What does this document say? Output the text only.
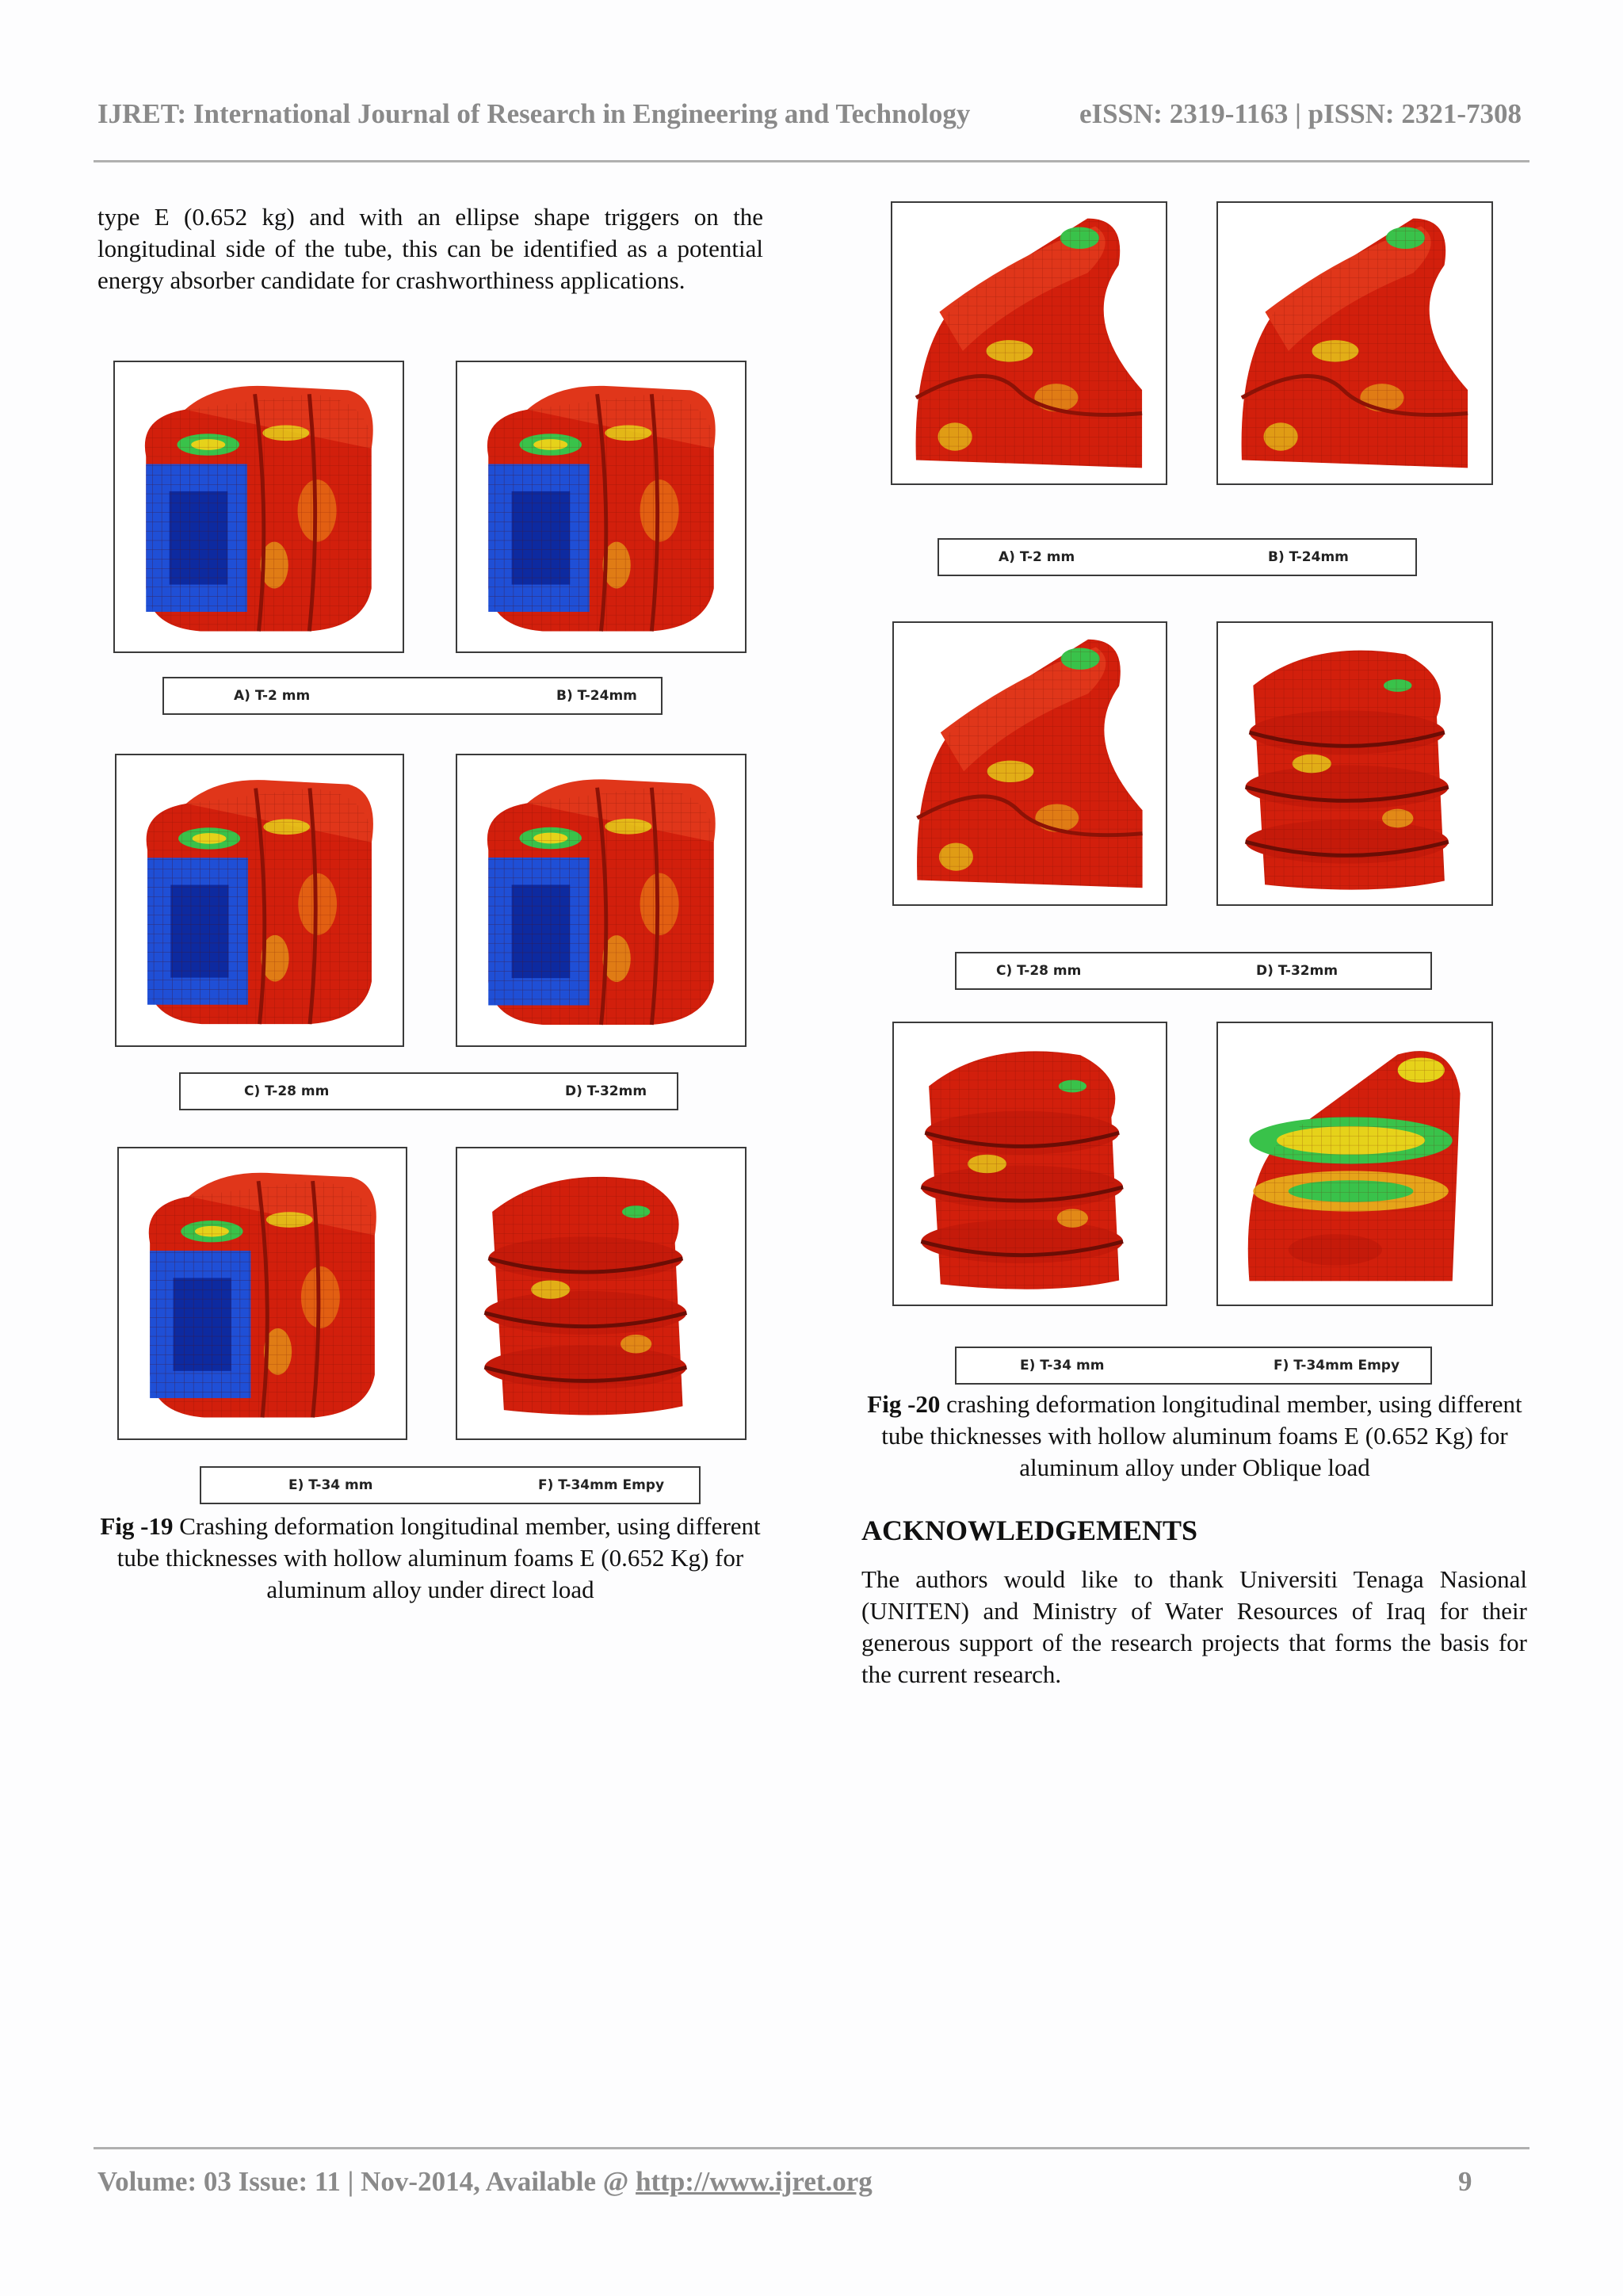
IJRET: International Journal of Research in Engineering and Technology	eISSN: 2319-1163 | pISSN: 2321-7308
type E (0.652 kg) and with an ellipse shape triggers on the longitudinal side of the tube, this can be identified as a potential energy absorber candidate for crashworthiness applications.
A) T-2 mm	B) T-24mm
C) T-28 mm	D) T-32mm
E) T-34 mm	F) T-34mm Empy
Fig -19 Crashing deformation longitudinal member, using different tube thicknesses with hollow aluminum foams E (0.652 Kg) for aluminum alloy under direct load
A) T-2 mm	B) T-24mm
C) T-28 mm	D) T-32mm
E) T-34 mm	F) T-34mm Empy
Fig -20 crashing deformation longitudinal member, using different tube thicknesses with hollow aluminum foams E (0.652 Kg) for aluminum alloy under Oblique load
ACKNOWLEDGEMENTS
The authors would like to thank Universiti Tenaga Nasional (UNITEN) and Ministry of Water Resources of Iraq for their generous support of the research projects that forms the basis for the current research.
Volume: 03 Issue: 11 | Nov-2014, Available @ http://www.ijret.org	9
